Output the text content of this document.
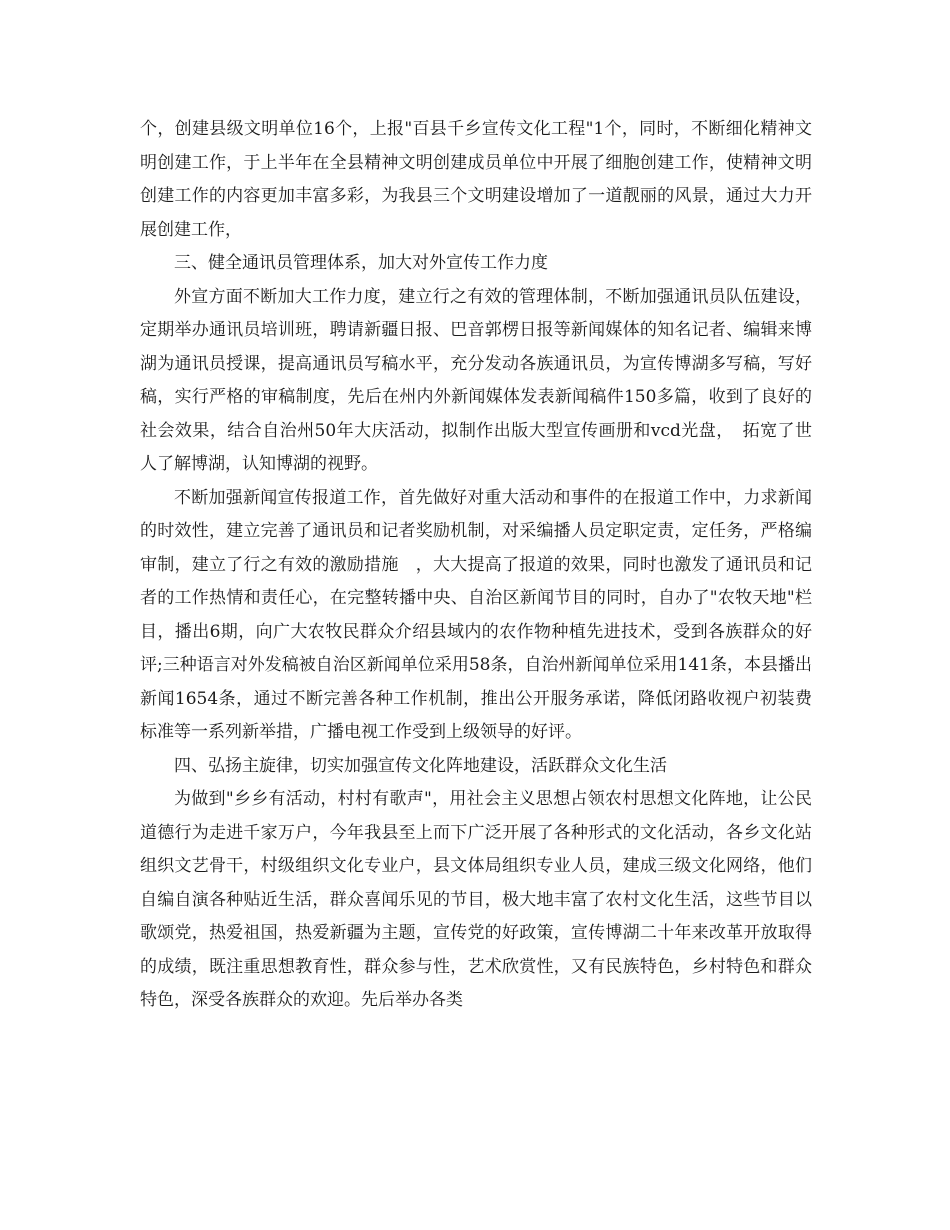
个，创建县级文明单位16个，上报"百县千乡宣传文化工程"1个，同时，不断细化精神文明创建工作，于上半年在全县精神文明创建成员单位中开展了细胞创建工作，使精神文明创建工作的内容更加丰富多彩，为我县三个文明建设增加了一道靓丽的风景，通过大力开展创建工作，

三、健全通讯员管理体系，加大对外宣传工作力度

外宣方面不断加大工作力度，建立行之有效的管理体制，不断加强通讯员队伍建设，定期举办通讯员培训班，聘请新疆日报、巴音郭楞日报等新闻媒体的知名记者、编辑来博湖为通讯员授课，提高通讯员写稿水平，充分发动各族通讯员，为宣传博湖多写稿，写好稿，实行严格的审稿制度，先后在州内外新闻媒体发表新闻稿件150多篇，收到了良好的社会效果，结合自治州50年大庆活动，拟制作出版大型宣传画册和vcd光盘，　拓宽了世人了解博湖，认知博湖的视野。

不断加强新闻宣传报道工作，首先做好对重大活动和事件的在报道工作中，力求新闻的时效性，建立完善了通讯员和记者奖励机制，对采编播人员定职定责，定任务，严格编审制，建立了行之有效的激励措施　，大大提高了报道的效果，同时也激发了通讯员和记者的工作热情和责任心，在完整转播中央、自治区新闻节目的同时，自办了"农牧天地"栏目，播出6期，向广大农牧民群众介绍县域内的农作物种植先进技术，受到各族群众的好评;三种语言对外发稿被自治区新闻单位采用58条，自治州新闻单位采用141条，本县播出新闻1654条，通过不断完善各种工作机制，推出公开服务承诺，降低闭路收视户初装费标准等一系列新举措，广播电视工作受到上级领导的好评。

四、弘扬主旋律，切实加强宣传文化阵地建设，活跃群众文化生活

为做到"乡乡有活动，村村有歌声"，用社会主义思想占领农村思想文化阵地，让公民道德行为走进千家万户，今年我县至上而下广泛开展了各种形式的文化活动，各乡文化站组织文艺骨干，村级组织文化专业户，县文体局组织专业人员，建成三级文化网络，他们自编自演各种贴近生活，群众喜闻乐见的节目，极大地丰富了农村文化生活，这些节目以歌颂党，热爱祖国，热爱新疆为主题，宣传党的好政策，宣传博湖二十年来改革开放取得的成绩，既注重思想教育性，群众参与性，艺术欣赏性，又有民族特色，乡村特色和群众特色，深受各族群众的欢迎。先后举办各类
